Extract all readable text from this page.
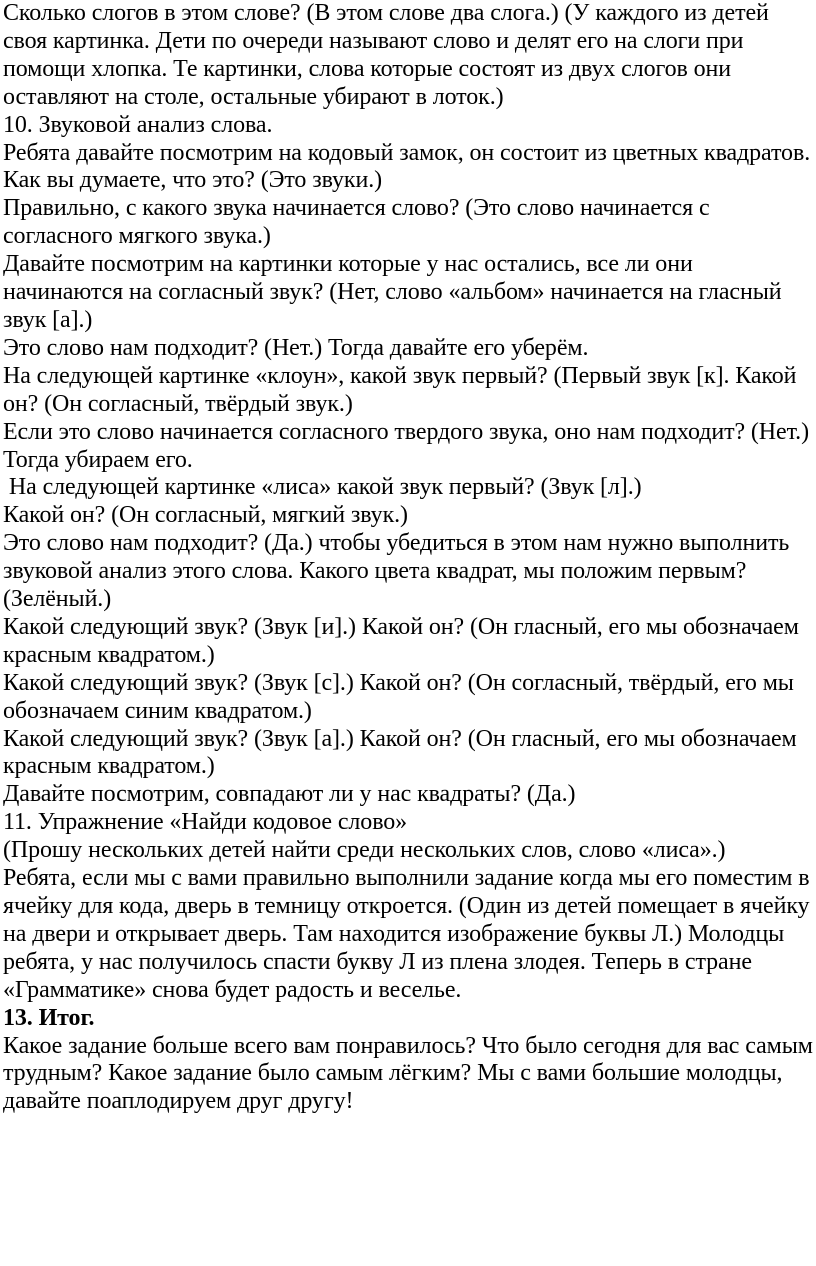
Сколько слогов в этом слове? (В этом слове два слога.) (У каждого из детей своя картинка. Дети по очереди называют слово и делят его на слоги при помощи хлопка. Те картинки, слова которые состоят из двух слогов они оставляют на столе, остальные убирают в лоток.)

10. Звуковой анализ слова.

Ребята давайте посмотрим на кодовый замок, он состоит из цветных квадратов. Как вы думаете, что это? (Это звуки.)

Правильно, с какого звука начинается слово? (Это слово начинается с согласного мягкого звука.)

Давайте посмотрим на картинки которые у нас остались, все ли они начинаются на согласный звук? (Нет, слово «альбом» начинается на гласный звук [а].)

Это слово нам подходит? (Нет.) Тогда давайте его уберём.

На следующей картинке «клоун», какой звук первый? (Первый звук [к]. Какой он? (Он согласный, твёрдый звук.)

Если это слово начинается согласного твердого звука, оно нам подходит? (Нет.) Тогда убираем его.

На следующей картинке «лиса» какой звук первый? (Звук [л].)

Какой он? (Он согласный, мягкий звук.)

Это слово нам подходит? (Да.) чтобы убедиться в этом нам нужно выполнить звуковой анализ этого слова. Какого цвета квадрат, мы положим первым? (Зелёный.)

Какой следующий звук? (Звук [и].) Какой он? (Он гласный, его мы обозначаем красным квадратом.)

Какой следующий звук? (Звук [с].) Какой он? (Он согласный, твёрдый, его мы обозначаем синим квадратом.)

Какой следующий звук? (Звук [а].) Какой он? (Он гласный, его мы обозначаем красным квадратом.)

Давайте посмотрим, совпадают ли у нас квадраты? (Да.)

11. Упражнение «Найди кодовое слово»

(Прошу нескольких детей найти среди нескольких слов, слово «лиса».)

Ребята, если мы с вами правильно выполнили задание когда мы его поместим в ячейку для кода, дверь в темницу откроется. (Один из детей помещает в ячейку на двери и открывает дверь. Там находится изображение буквы Л.) Молодцы ребята, у нас получилось спасти букву Л из плена злодея. Теперь в стране «Грамматике» снова будет радость и веселье.

13. Итог.

Какое задание больше всего вам понравилось? Что было сегодня для вас самым трудным? Какое задание было самым лёгким? Мы с вами большие молодцы, давайте поаплодируем друг другу!
